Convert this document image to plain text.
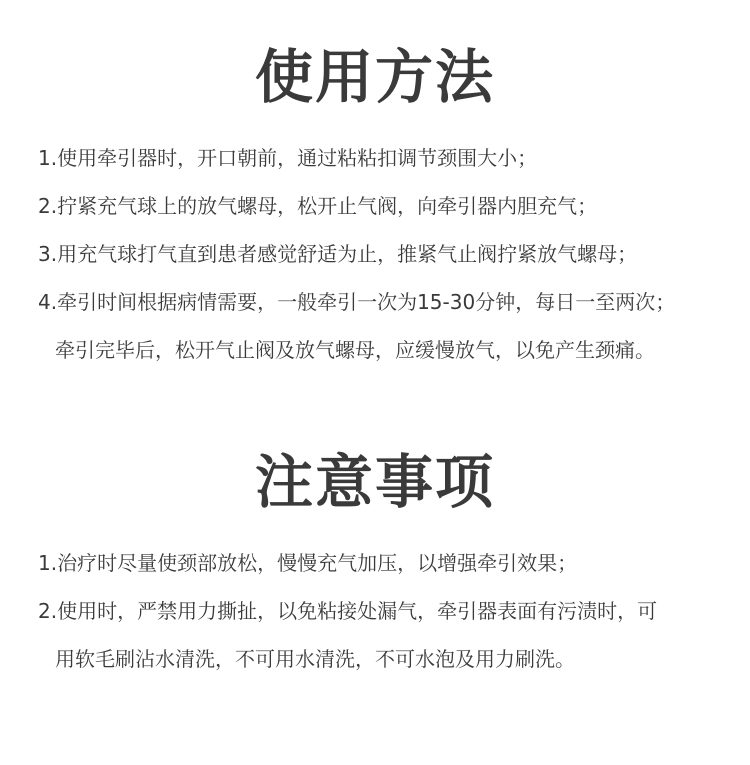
使用方法
1.使用牵引器时，开口朝前，通过粘粘扣调节颈围大小；
2.拧紧充气球上的放气螺母，松开止气阀，向牵引器内胆充气；
3.用充气球打气直到患者感觉舒适为止，推紧气止阀拧紧放气螺母；
4.牵引时间根据病情需要，一般牵引一次为15-30分钟，每日一至两次；
牵引完毕后，松开气止阀及放气螺母，应缓慢放气，以免产生颈痛。
注意事项
1.治疗时尽量使颈部放松，慢慢充气加压，以增强牵引效果；
2.使用时，严禁用力撕扯，以免粘接处漏气，牵引器表面有污渍时，可
用软毛刷沾水清洗，不可用水清洗，不可水泡及用力刷洗。
